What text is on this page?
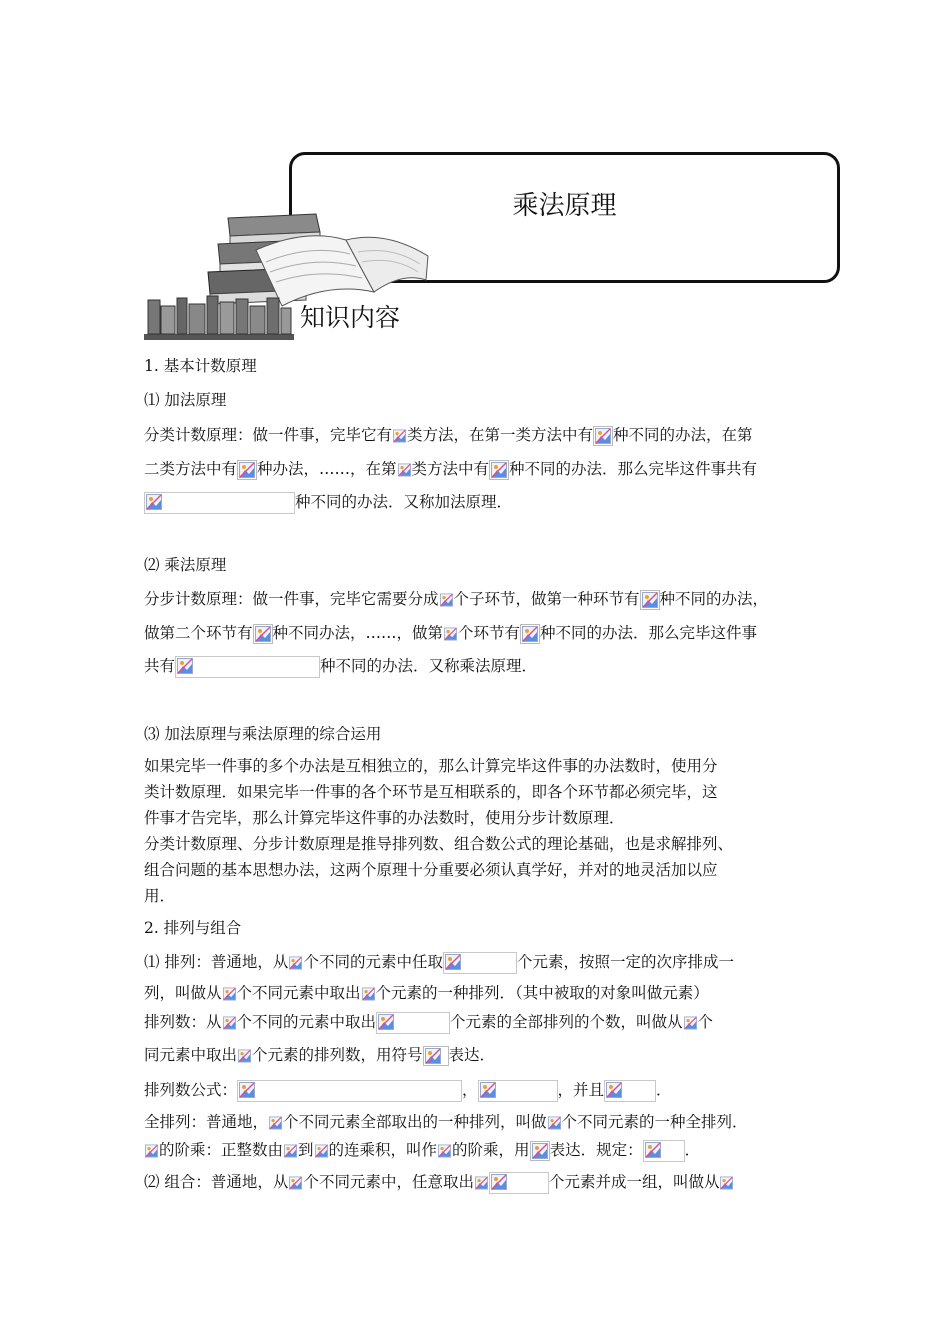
乘法原理
知识内容
1. 基本计数原理
⑴ 加法原理
分类计数原理：做一件事，完毕它有 类方法，在第一类方法中有 种不同的办法，在第
二类方法中有 种办法，……，在第 类方法中有 种不同的办法．那么完毕这件事共有
种不同的办法．又称加法原理．
⑵ 乘法原理
分步计数原理：做一件事，完毕它需要分成 个子环节，做第一种环节有 种不同的办法，
做第二个环节有 种不同办法，……，做第 个环节有 种不同的办法．那么完毕这件事
共有	种不同的办法．又称乘法原理．
⑶ 加法原理与乘法原理的综合运用
如果完毕一件事的多个办法是互相独立的，那么计算完毕这件事的办法数时，使用分
类计数原理．如果完毕一件事的各个环节是互相联系的，即各个环节都必须完毕，这
件事才告完毕，那么计算完毕这件事的办法数时，使用分步计数原理．
分类计数原理、分步计数原理是推导排列数、组合数公式的理论基础，也是求解排列、
组合问题的基本思想办法，这两个原理十分重要必须认真学好，并对的地灵活加以应
用．
2. 排列与组合
⑴ 排列：普通地，从 个不同的元素中任取	个元素，按照一定的次序排成一
列，叫做从 个不同元素中取出 个元素的一种排列．（其中被取的对象叫做元素）
排列数：从 个不同的元素中取出	个元素的全部排列的个数，叫做从 个
同元素中取出 个元素的排列数，用符号 表达．
排列数公式：	，	，并且	．
全排列：普通地， 个不同元素全部取出的一种排列，叫做 个不同元素的一种全排列．
的阶乘：正整数由 到 的连乘积，叫作 的阶乘，用 表达．规定：	．
⑵ 组合：普通地，从 个不同元素中，任意取出	个元素并成一组，叫做从
